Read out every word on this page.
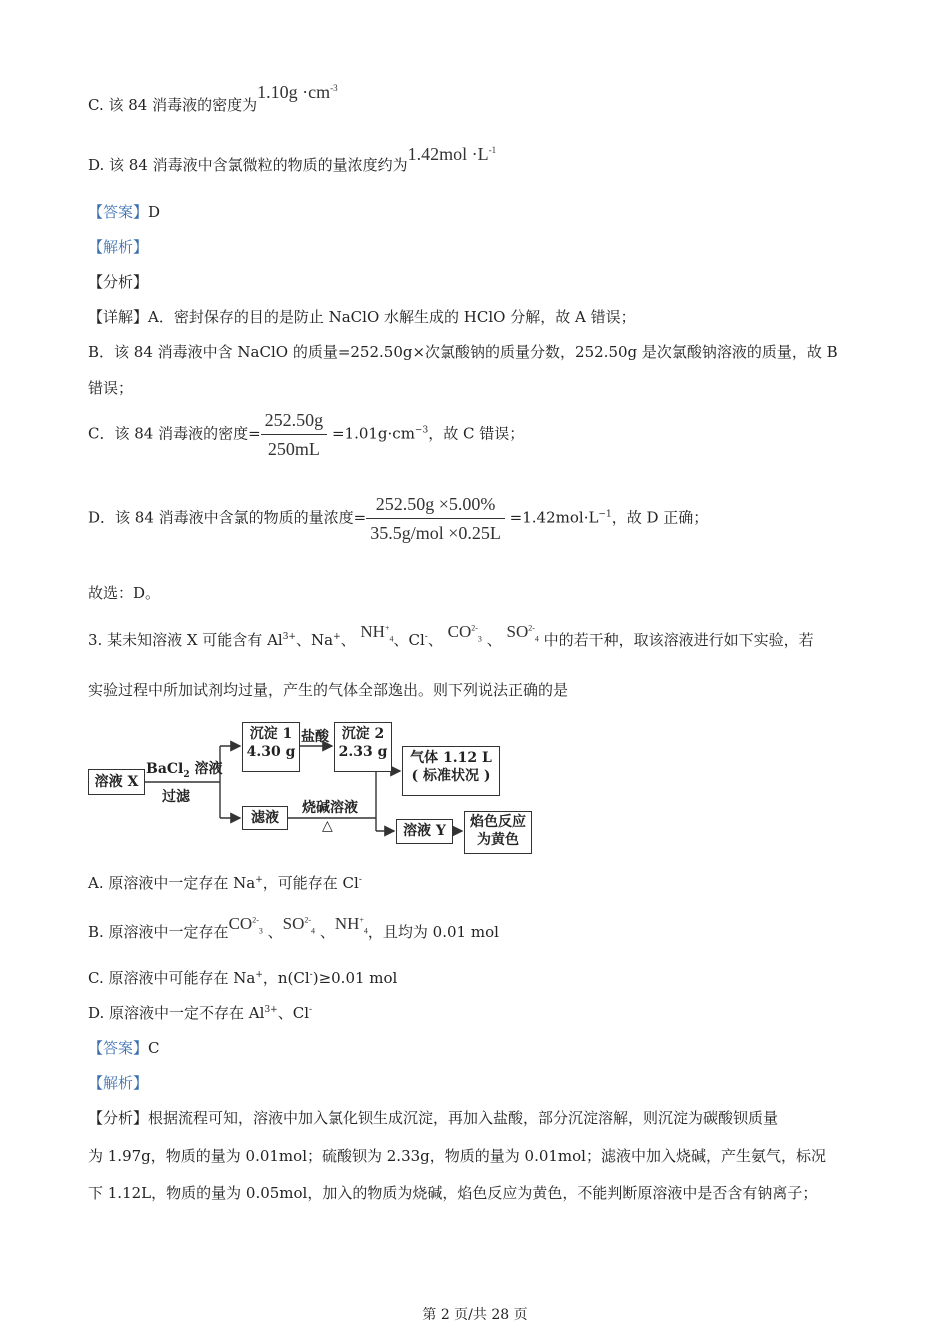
C. 该 84 消毒液的密度为$1.10g \cdot cm^{-3}$
D. 该 84 消毒液中含氯微粒的物质的量浓度约为$1.42mol \cdot L^{-1}$
【答案】D
【解析】
【分析】
【详解】A．密封保存的目的是防止 NaClO 水解生成的 HClO 分解，故 A 错误；
B．该 84 消毒液中含 NaClO 的质量=252.50g×次氯酸钠的质量分数，252.50g 是次氯酸钠溶液的质量，故 B
错误；
C．该 84 消毒液的密度= $\frac{252.50g}{250mL} =1.01g\cdot cm^{-3}$，故 C 错误；
D．该 84 消毒液中含氯的物质的量浓度= $\frac{252.50g \times 5.00\%}{\text{35.5g/mol ×0.25L}} =1.42mol\cdot L^{-1}$，故 D 正确；
故选：D。
3. 某未知溶液 X 可能含有 $Al^{3+}$、Na+、 $NH^+_4$、Cl-、 $CO^{2-}_3$ 、 $SO^{2-}_4$ 中的若干种，取该溶液进行如下实验，若
实验过程中所加试剂均过量，产生的气体全部逸出。则下列说法正确的是
溶液 X
BaCl$_2$ 溶液
过滤
沉淀 1
4.30 g
盐酸 沉淀 2
2.33 g	气体 1.12 L
( 标准状况 )
滤液
烧碱溶液
△	溶液 Y
焰色反应
为黄色
A. 原溶液中一定存在 Na+，可能存在 Cl-
B. 原溶液中一定存在$CO^{2-}_3$ 、$SO^{2-}_4$ 、$NH^+_4$，且均为 0.01 mol
C. 原溶液中可能存在 Na+，n(Cl-)≥0.01 mol
D. 原溶液中一定不存在 $Al^{3+}$、Cl-
【答案】C
【解析】
【分析】根据流程可知，溶液中加入氯化钡生成沉淀，再加入盐酸，部分沉淀溶解，则沉淀为碳酸钡质量
为 1.97g，物质的量为 0.01mol；硫酸钡为 2.33g，物质的量为 0.01mol；滤液中加入烧碱，产生氨气，标况
下 1.12L，物质的量为 0.05mol，加入的物质为烧碱，焰色反应为黄色，不能判断原溶液中是否含有钠离子；
第 2 页/共 28 页
